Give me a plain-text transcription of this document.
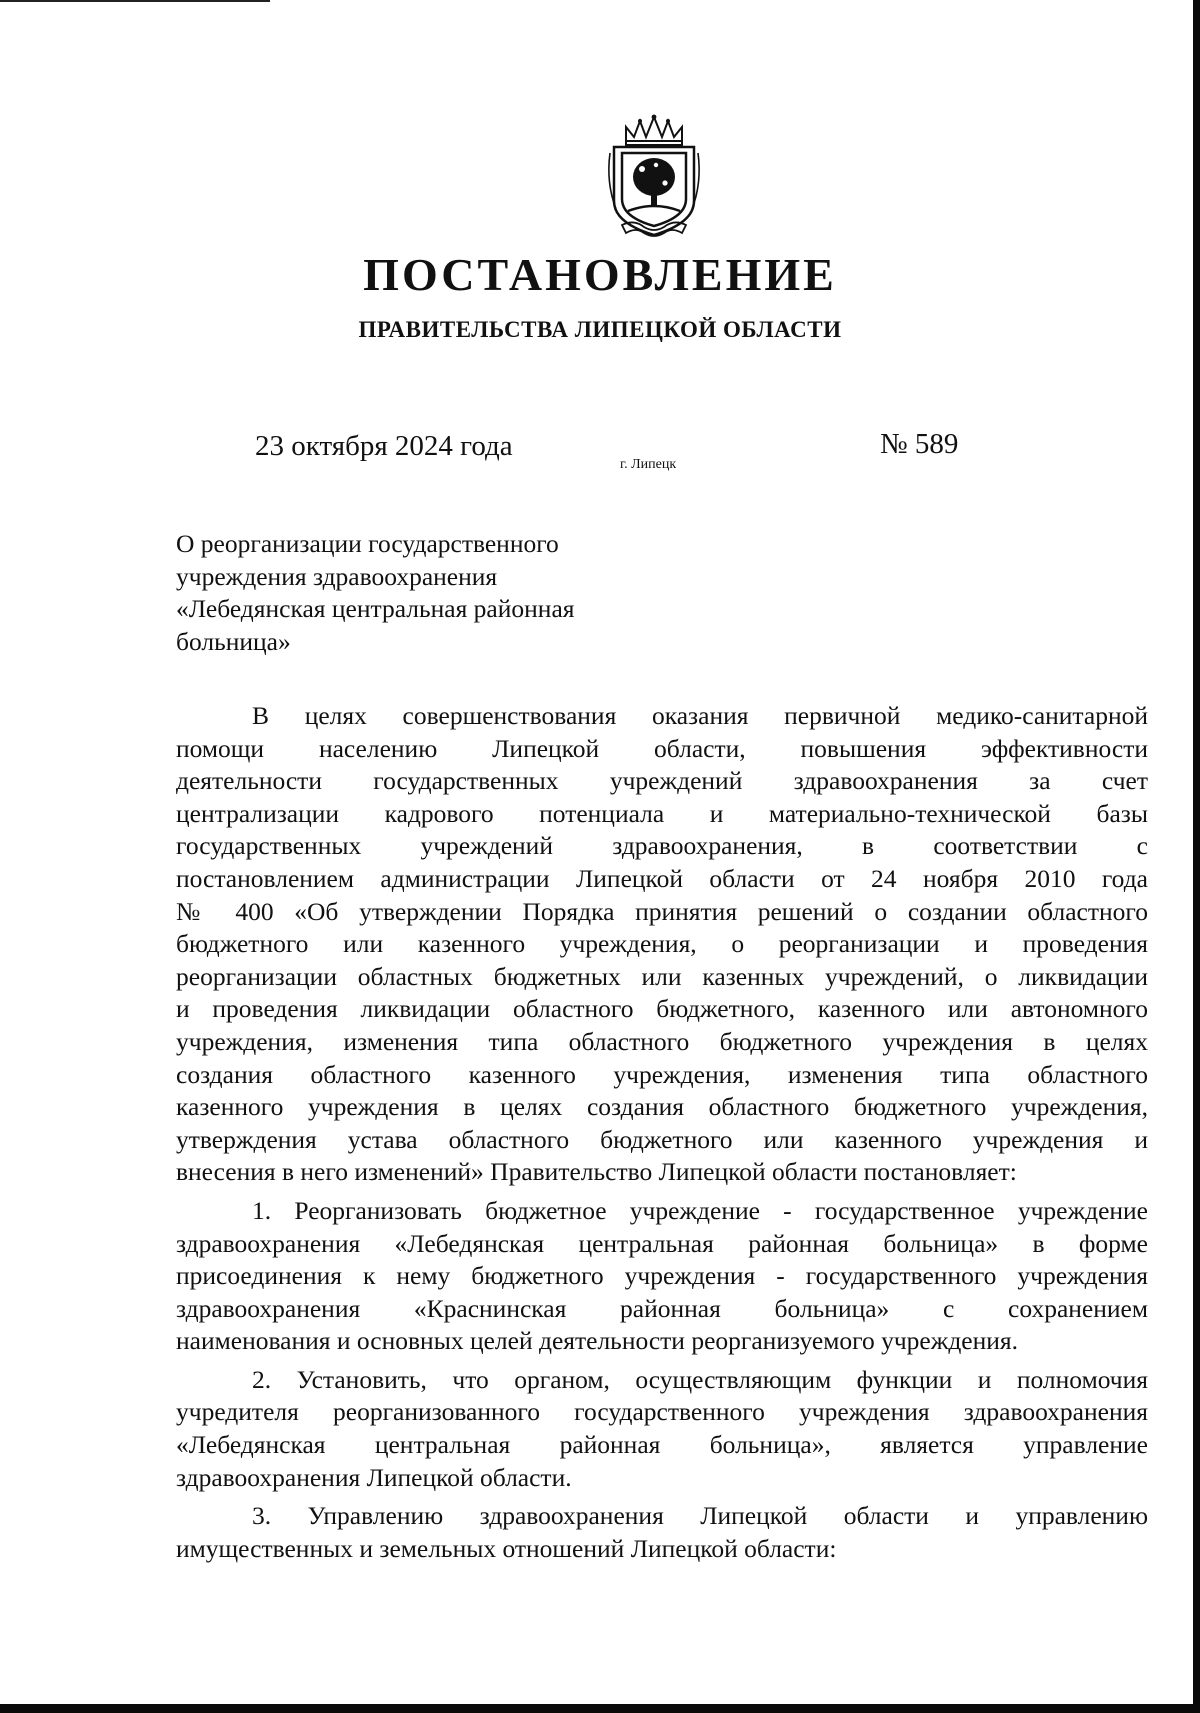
ПОСТАНОВЛЕНИЕ
ПРАВИТЕЛЬСТВА ЛИПЕЦКОЙ ОБЛАСТИ
23 октября 2024 года
г. Липецк
№ 589
О реорганизации государственного
учреждения здравоохранения
«Лебедянская центральная районная
больница»
В целях совершенствования оказания первичной медико-санитарной
помощи населению Липецкой области, повышения эффективности
деятельности государственных учреждений здравоохранения за счет
централизации кадрового потенциала и материально-технической базы
государственных учреждений здравоохранения, в соответствии с
постановлением администрации Липецкой области от 24 ноября 2010 года
№ 400 «Об утверждении Порядка принятия решений о создании областного
бюджетного или казенного учреждения, о реорганизации и проведения
реорганизации областных бюджетных или казенных учреждений, о ликвидации
и проведения ликвидации областного бюджетного, казенного или автономного
учреждения, изменения типа областного бюджетного учреждения в целях
создания областного казенного учреждения, изменения типа областного
казенного учреждения в целях создания областного бюджетного учреждения,
утверждения устава областного бюджетного или казенного учреждения и
внесения в него изменений» Правительство Липецкой области постановляет:
1. Реорганизовать бюджетное учреждение - государственное учреждение
здравоохранения «Лебедянская центральная районная больница» в форме
присоединения к нему бюджетного учреждения - государственного учреждения
здравоохранения «Краснинская районная больница» с сохранением
наименования и основных целей деятельности реорганизуемого учреждения.
2. Установить, что органом, осуществляющим функции и полномочия
учредителя реорганизованного государственного учреждения здравоохранения
«Лебедянская центральная районная больница», является управление
здравоохранения Липецкой области.
3. Управлению здравоохранения Липецкой области и управлению
имущественных и земельных отношений Липецкой области:
